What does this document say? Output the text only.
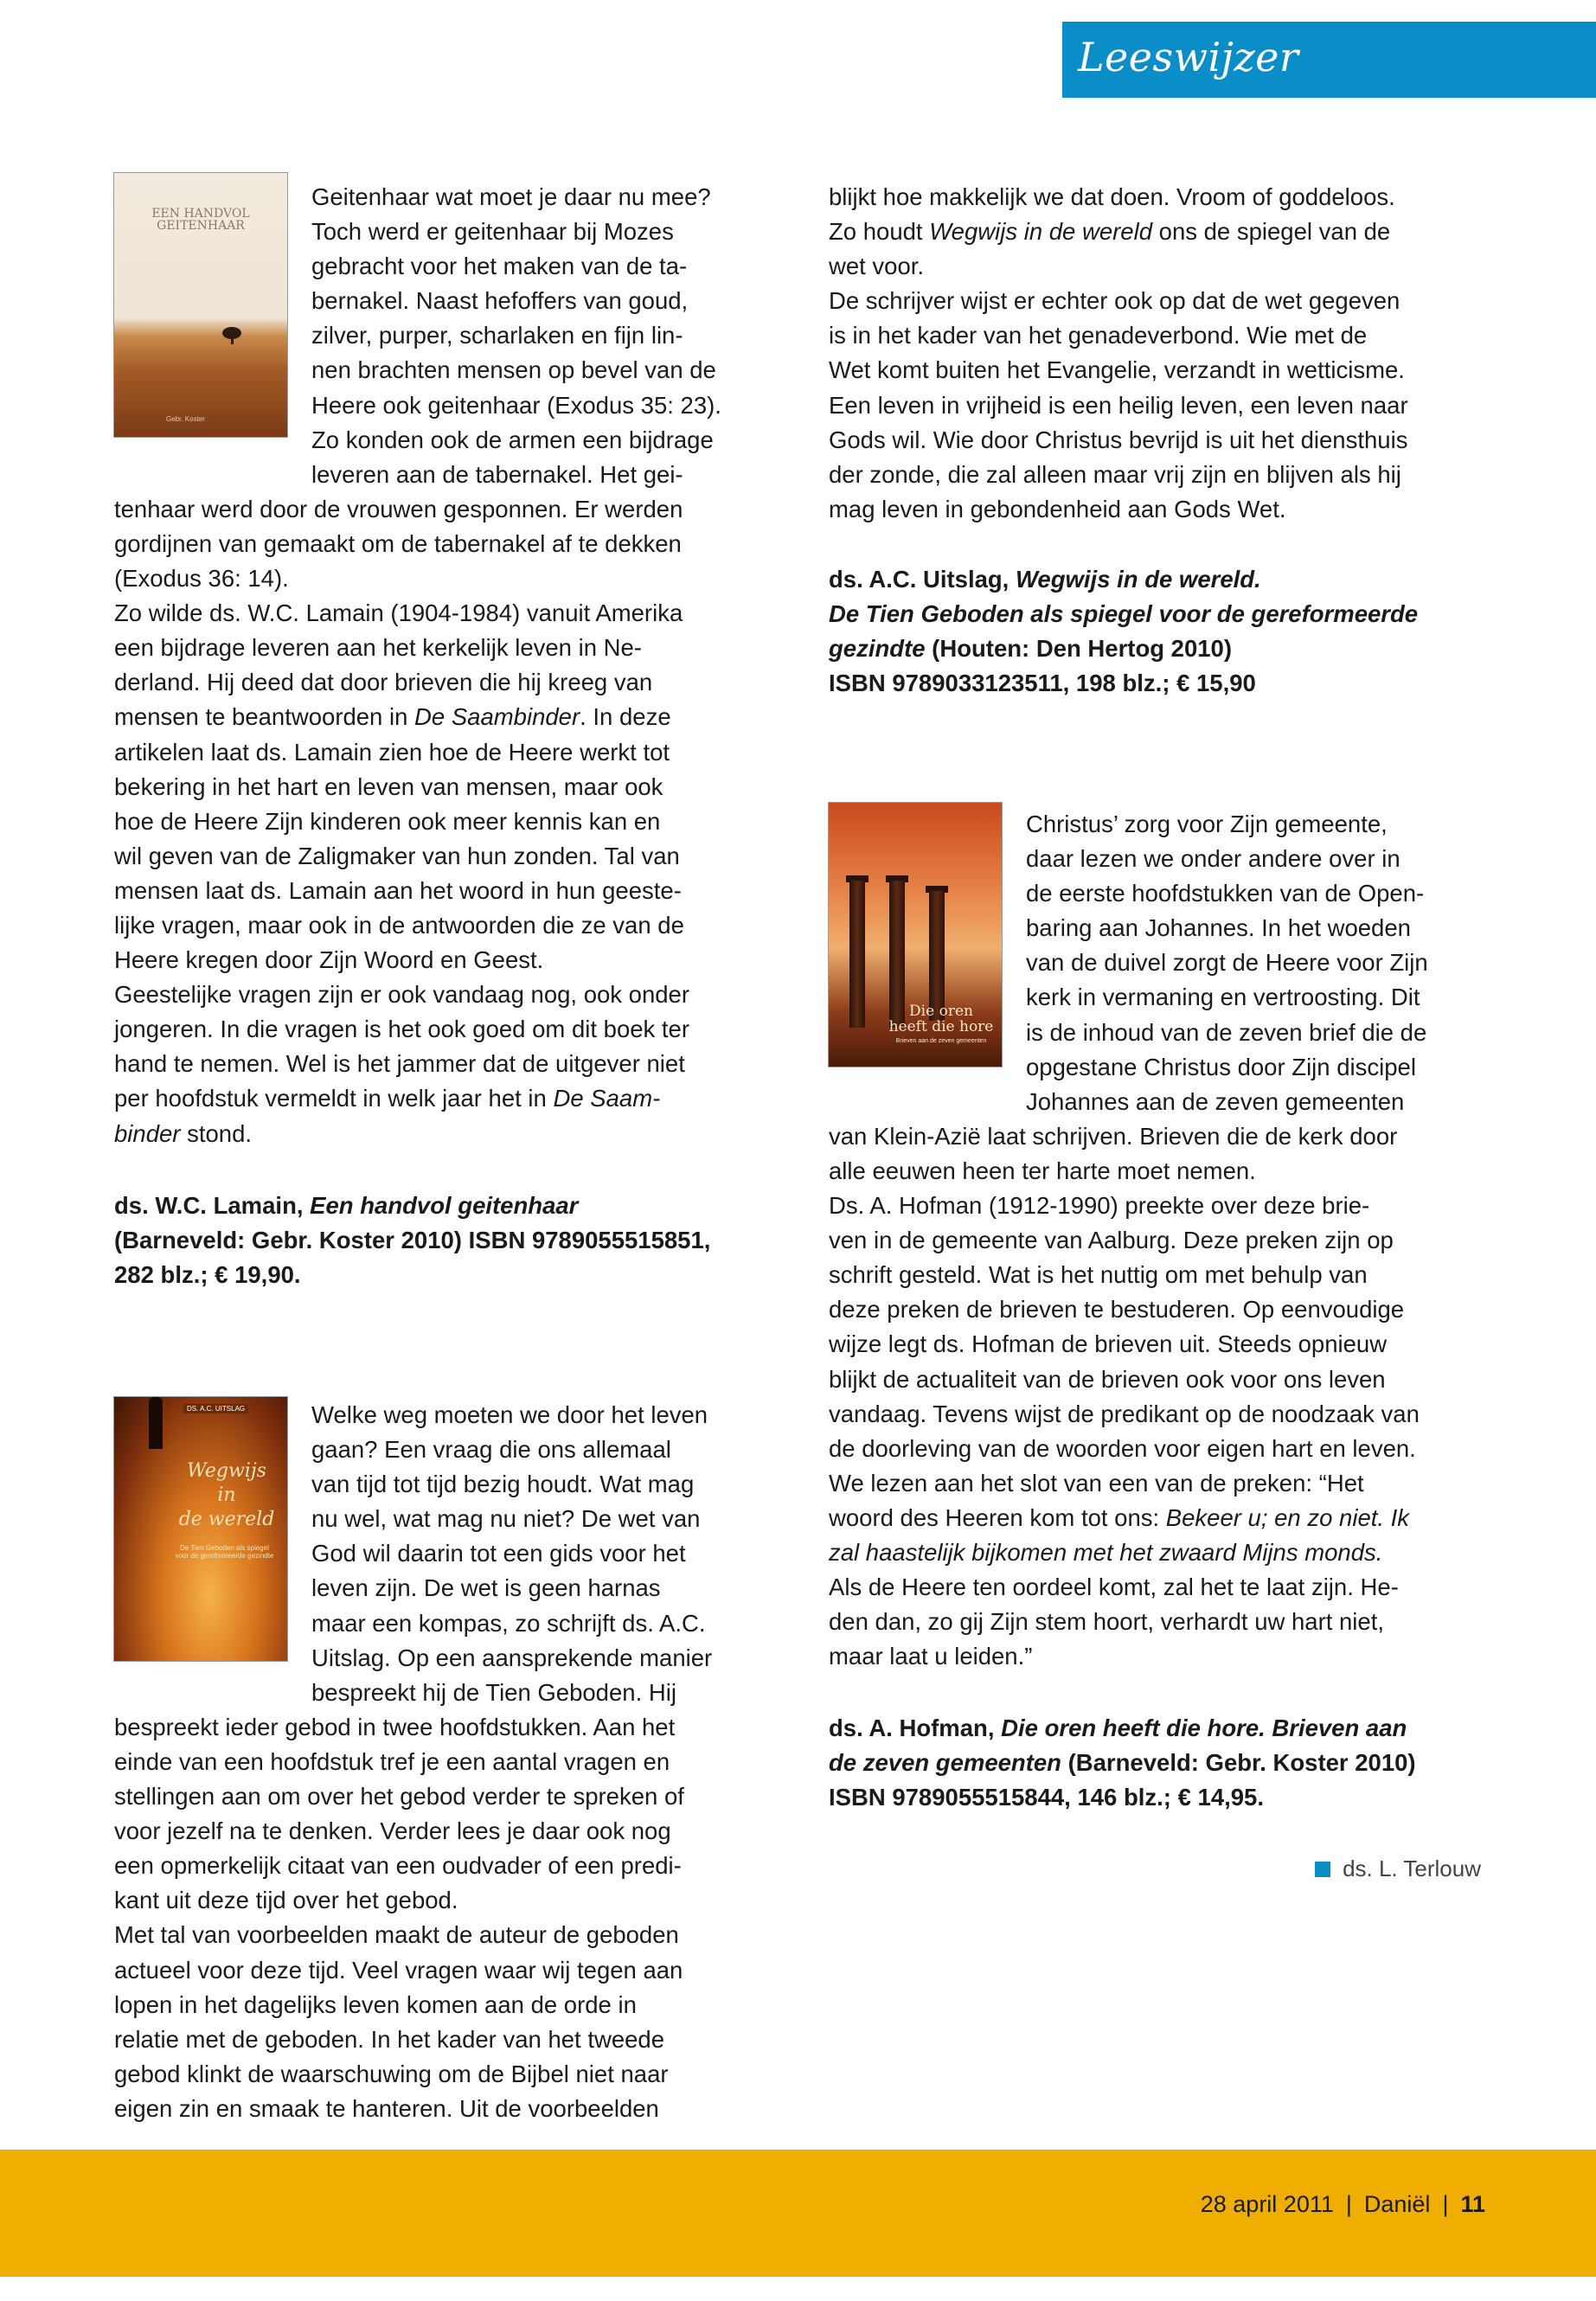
Leeswijzer
EEN HANDVOL GEITENHAAR
Gebr. Koster
Geitenhaar wat moet je daar nu mee?
Toch werd er geitenhaar bij Mozes
gebracht voor het maken van de ta-
bernakel. Naast hefoffers van goud,
zilver, purper, scharlaken en fijn lin-
nen brachten mensen op bevel van de
Heere ook geitenhaar (Exodus 35: 23).
Zo konden ook de armen een bijdrage
leveren aan de tabernakel. Het gei-
tenhaar werd door de vrouwen gesponnen. Er werden
gordijnen van gemaakt om de tabernakel af te dekken
(Exodus 36: 14).
Zo wilde ds. W.C. Lamain (1904-1984) vanuit Amerika
een bijdrage leveren aan het kerkelijk leven in Ne-
derland. Hij deed dat door brieven die hij kreeg van
mensen te beantwoorden in De Saambinder. In deze
artikelen laat ds. Lamain zien hoe de Heere werkt tot
bekering in het hart en leven van mensen, maar ook
hoe de Heere Zijn kinderen ook meer kennis kan en
wil geven van de Zaligmaker van hun zonden. Tal van
mensen laat ds. Lamain aan het woord in hun geeste-
lijke vragen, maar ook in de antwoorden die ze van de
Heere kregen door Zijn Woord en Geest.
Geestelijke vragen zijn er ook vandaag nog, ook onder
jongeren. In die vragen is het ook goed om dit boek ter
hand te nemen. Wel is het jammer dat de uitgever niet
per hoofdstuk vermeldt in welk jaar het in De Saam-
binder stond.
ds. W.C. Lamain, Een handvol geitenhaar
(Barneveld: Gebr. Koster 2010) ISBN 9789055515851,
282 blz.; € 19,90.
DS. A.C. UITSLAG
Wegwijs
in
de wereld
De Tien Geboden als spiegel voor de gereformeerde gezindte
Welke weg moeten we door het leven
gaan? Een vraag die ons allemaal
van tijd tot tijd bezig houdt. Wat mag
nu wel, wat mag nu niet? De wet van
God wil daarin tot een gids voor het
leven zijn. De wet is geen harnas
maar een kompas, zo schrijft ds. A.C.
Uitslag. Op een aansprekende manier
bespreekt hij de Tien Geboden. Hij
bespreekt ieder gebod in twee hoofdstukken. Aan het
einde van een hoofdstuk tref je een aantal vragen en
stellingen aan om over het gebod verder te spreken of
voor jezelf na te denken. Verder lees je daar ook nog
een opmerkelijk citaat van een oudvader of een predi-
kant uit deze tijd over het gebod.
Met tal van voorbeelden maakt de auteur de geboden
actueel voor deze tijd. Veel vragen waar wij tegen aan
lopen in het dagelijks leven komen aan de orde in
relatie met de geboden. In het kader van het tweede
gebod klinkt de waarschuwing om de Bijbel niet naar
eigen zin en smaak te hanteren. Uit de voorbeelden
blijkt hoe makkelijk we dat doen. Vroom of goddeloos.
Zo houdt Wegwijs in de wereld ons de spiegel van de
wet voor.
De schrijver wijst er echter ook op dat de wet gegeven
is in het kader van het genadeverbond. Wie met de
Wet komt buiten het Evangelie, verzandt in wetticisme.
Een leven in vrijheid is een heilig leven, een leven naar
Gods wil. Wie door Christus bevrijd is uit het diensthuis
der zonde, die zal alleen maar vrij zijn en blijven als hij
mag leven in gebondenheid aan Gods Wet.
ds. A.C. Uitslag, Wegwijs in de wereld.
De Tien Geboden als spiegel voor de gereformeerde
gezindte (Houten: Den Hertog 2010)
ISBN 9789033123511, 198 blz.; € 15,90
Die oren
heeft die hore
Brieven aan de zeven gemeenten
Christus’ zorg voor Zijn gemeente,
daar lezen we onder andere over in
de eerste hoofdstukken van de Open-
baring aan Johannes. In het woeden
van de duivel zorgt de Heere voor Zijn
kerk in vermaning en vertroosting. Dit
is de inhoud van de zeven brief die de
opgestane Christus door Zijn discipel
Johannes aan de zeven gemeenten
van Klein-Azië laat schrijven. Brieven die de kerk door
alle eeuwen heen ter harte moet nemen.
Ds. A. Hofman (1912-1990) preekte over deze brie-
ven in de gemeente van Aalburg. Deze preken zijn op
schrift gesteld. Wat is het nuttig om met behulp van
deze preken de brieven te bestuderen. Op eenvoudige
wijze legt ds. Hofman de brieven uit. Steeds opnieuw
blijkt de actualiteit van de brieven ook voor ons leven
vandaag. Tevens wijst de predikant op de noodzaak van
de doorleving van de woorden voor eigen hart en leven.
We lezen aan het slot van een van de preken: “Het
woord des Heeren kom tot ons: Bekeer u; en zo niet. Ik
zal haastelijk bijkomen met het zwaard Mijns monds.
Als de Heere ten oordeel komt, zal het te laat zijn. He-
den dan, zo gij Zijn stem hoort, verhardt uw hart niet,
maar laat u leiden.”
ds. A. Hofman, Die oren heeft die hore. Brieven aan
de zeven gemeenten (Barneveld: Gebr. Koster 2010)
ISBN 9789055515844, 146 blz.; € 14,95.
ds. L. Terlouw
28 april 2011 | Daniël | 11
